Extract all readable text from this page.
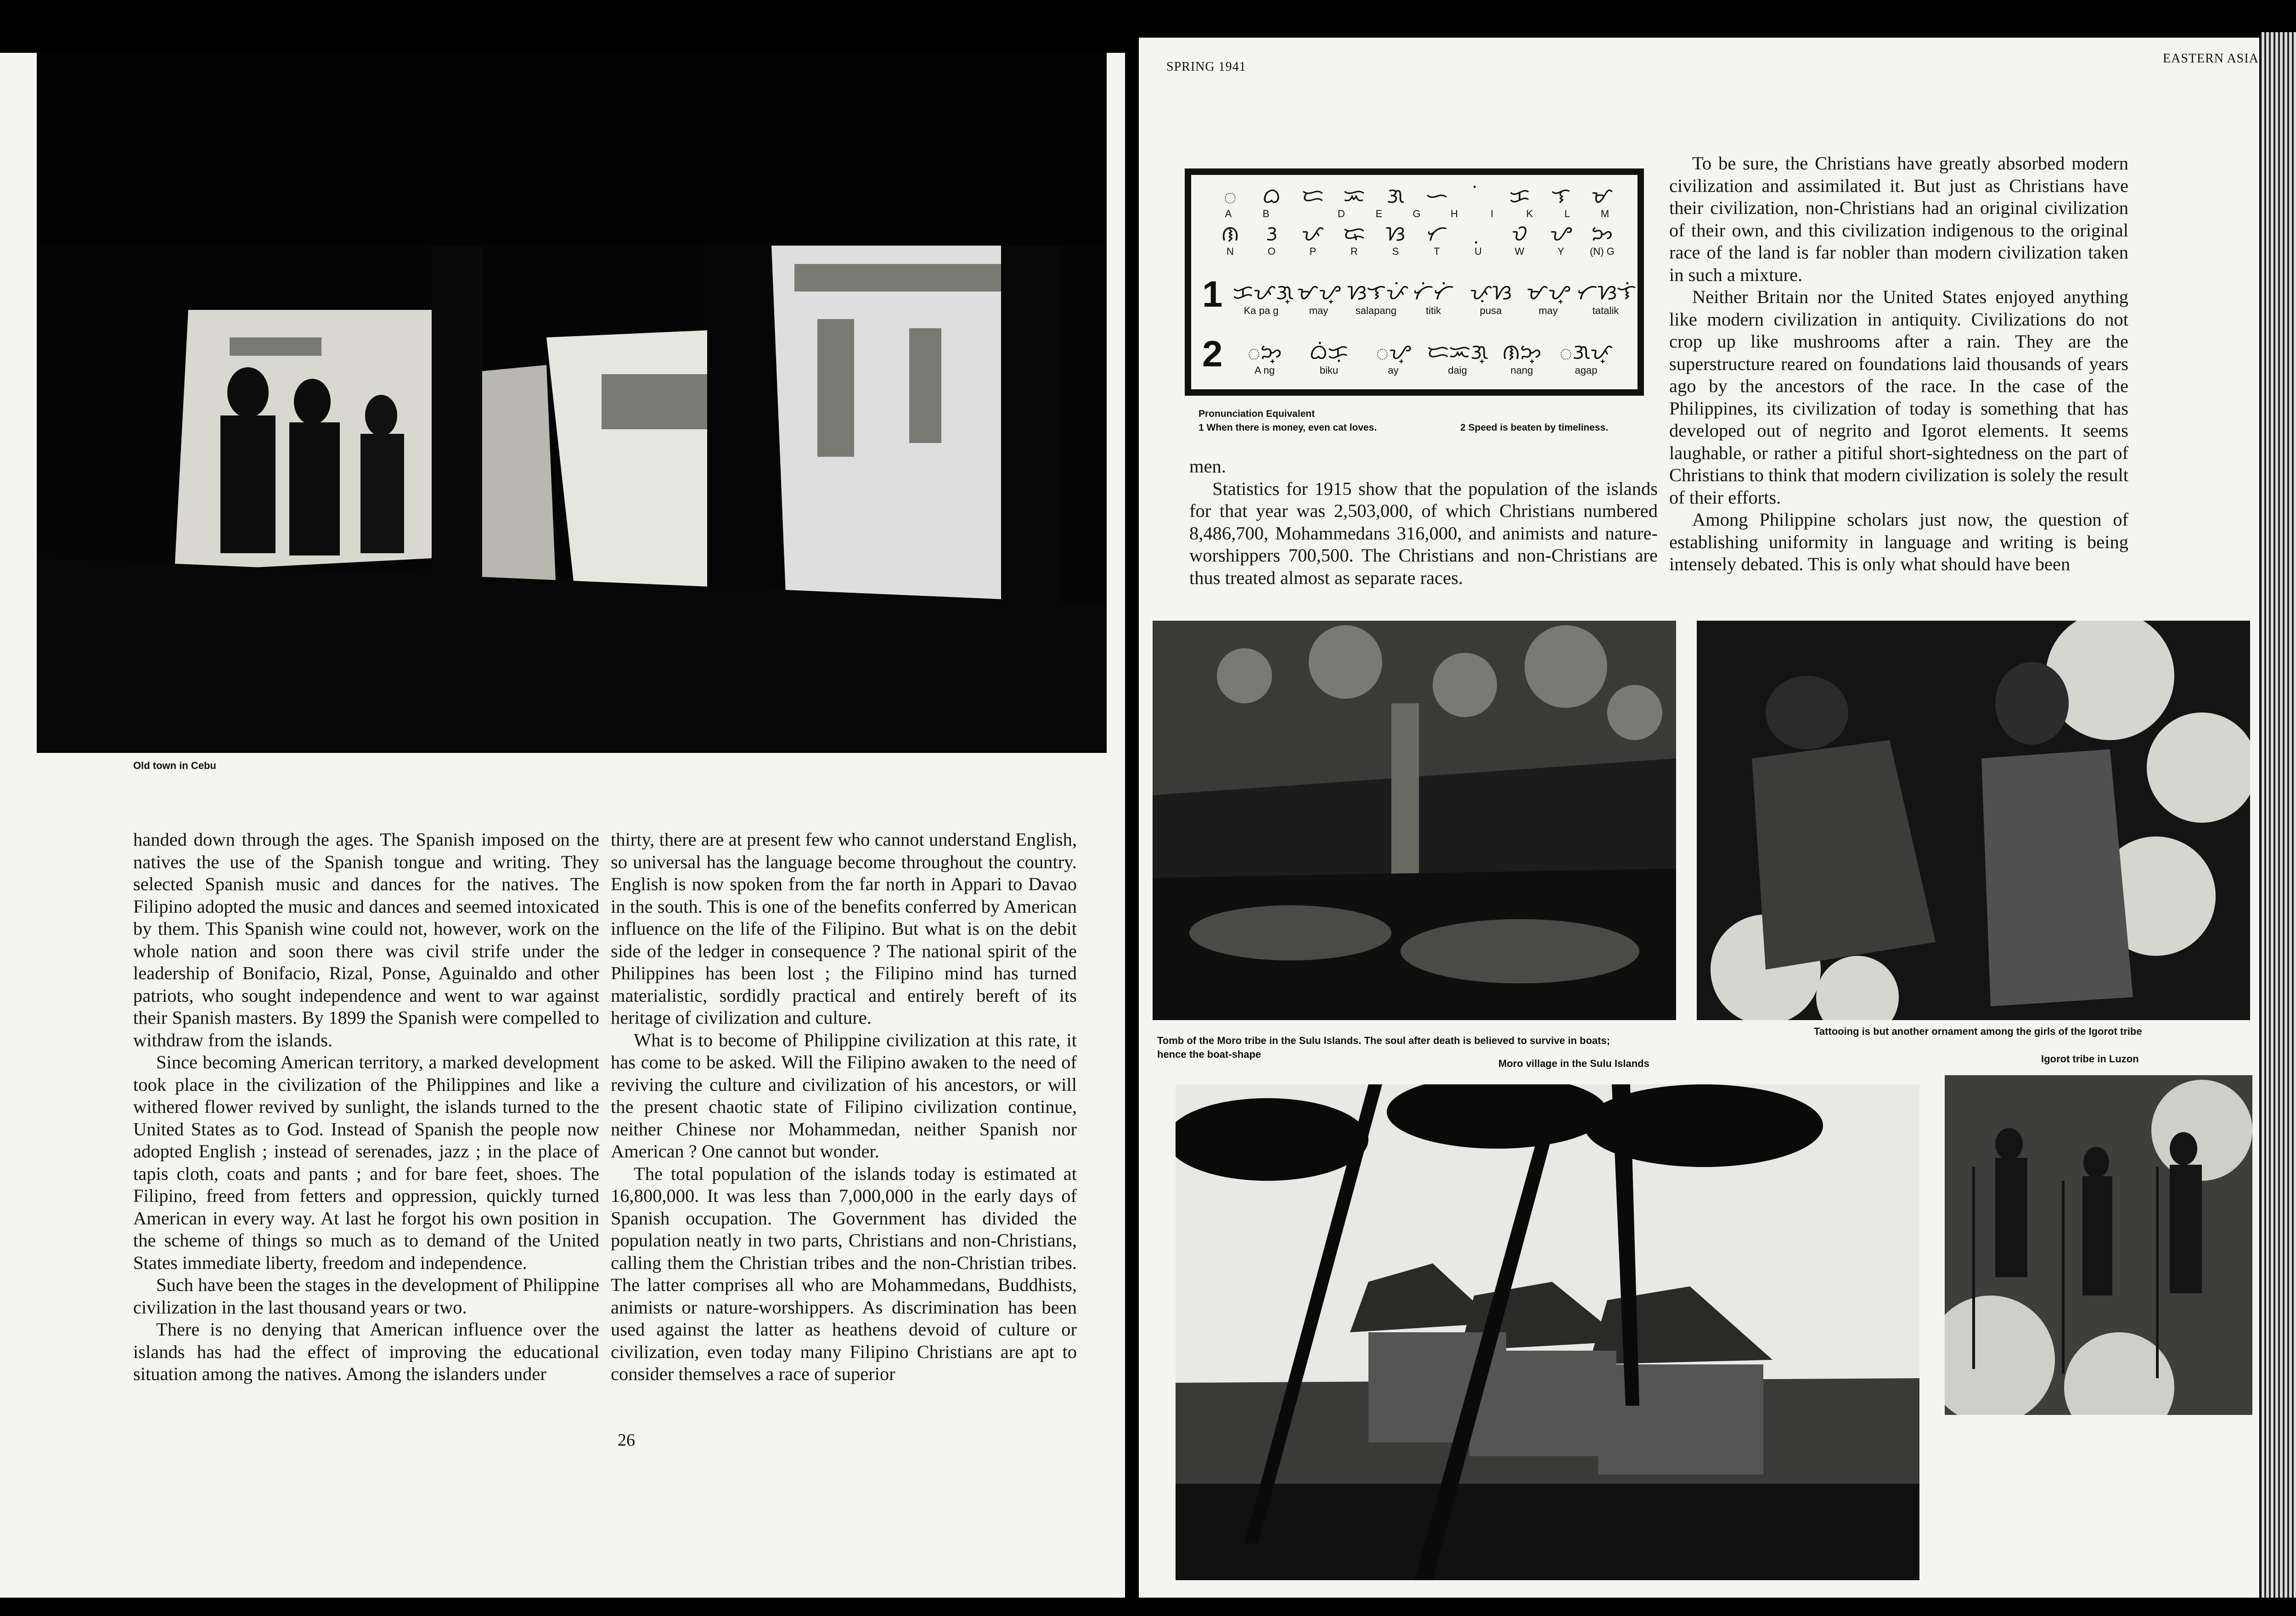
Old town in Cebu

handed down through the ages. The Spanish imposed on the natives the use of the Spanish tongue and writing. They selected Spanish music and dances for the natives. The Filipino adopted the music and dances and seemed intoxicated by them. This Spanish wine could not, however, work on the whole nation and soon there was civil strife under the leadership of Bonifacio, Rizal, Ponse, Aguinaldo and other patriots, who sought independence and went to war against their Spanish masters. By 1899 the Spanish were compelled to withdraw from the islands.

Since becoming American territory, a marked development took place in the civilization of the Philippines and like a withered flower revived by sunlight, the islands turned to the United States as to God. Instead of Spanish the people now adopted English ; instead of serenades, jazz ; in the place of tapis cloth, coats and pants ; and for bare feet, shoes. The Filipino, freed from fetters and oppression, quickly turned American in every way. At last he forgot his own position in the scheme of things so much as to demand of the United States immediate liberty, freedom and independence.

Such have been the stages in the development of Philippine civilization in the last thousand years or two.

There is no denying that American influence over the islands has had the effect of improving the educational situation among the natives. Among the islanders under

thirty, there are at present few who cannot understand English, so universal has the language become throughout the country. English is now spoken from the far north in Appari to Davao in the south. This is one of the benefits conferred by American influence on the life of the Filipino. But what is on the debit side of the ledger in consequence ? The national spirit of the Philippines has been lost ; the Filipino mind has turned materialistic, sordidly practical and entirely bereft of its heritage of civilization and culture.

What is to become of Philippine civilization at this rate, it has come to be asked. Will the Filipino awaken to the need of reviving the culture and civilization of his ancestors, or will the present chaotic state of Filipino civilization continue, neither Chinese nor Mohammedan, neither Spanish nor American ? One cannot but wonder.

The total population of the islands today is estimated at 16,800,000. It was less than 7,000,000 in the early days of Spanish occupation. The Government has divided the population neatly in two parts, Christians and non-Christians, calling them the Christian tribes and the non-Christian tribes. The latter comprises all who are Mohammedans, Buddhists, animists or nature-worshippers. As discrimination has been used against the latter as heathens devoid of culture or civilization, even today many Filipino Christians are apt to consider themselves a race of superior

26
SPRING 1941
EASTERN ASIA
ᜀ	ᜊ	ᜇ ᜁ	ᜄ	ᜑ	ᜃ	ᜎ ᜋ
A	B	D	E	G	H	I	K	L	M
ᜈ	ᜂ	ᜉ ᜍ ᜐ	ᜆ	ᜏ	ᜌ ᜅ
N	O	P	R	S	T	U	W	Y	(N) G
1 ᜃᜉᜄ᜔ ᜋᜌ᜔ ᜐᜎᜉᜒ ᜆᜒᜆᜒ ᜉᜓᜐ ᜋᜌ᜔ ᜆᜐᜎᜒ
Ka pa g	may	salapang	titik	pusa	may	tatalik
2	ᜀᜅ᜔	ᜊᜒᜃᜓ	ᜀᜌ᜔ ᜇᜁᜄ᜔ ᜈᜅ᜔ ᜀᜄᜉ᜔
A ng	biku	ay	daig	nang	agap
Pronunciation Equivalent
1 When there is money, even cat loves.	2 Speed is beaten by timeliness.

men.

Statistics for 1915 show that the population of the islands for that year was 2,503,000, of which Christians numbered 8,486,700, Mohammedans 316,000, and animists and nature-worshippers 700,500. The Christians and non-Christians are thus treated almost as separate races.

To be sure, the Christians have greatly absorbed modern civilization and assimilated it. But just as Christians have their civilization, non-Christians had an original civilization of their own, and this civilization indigenous to the original race of the land is far nobler than modern civilization taken in such a mixture.

Neither Britain nor the United States enjoyed anything like modern civilization in antiquity. Civilizations do not crop up like mushrooms after a rain. They are the superstructure reared on foundations laid thousands of years ago by the ancestors of the race. In the case of the Philippines, its civilization of today is something that has developed out of negrito and Igorot elements. It seems laughable, or rather a pitiful short-sightedness on the part of Christians to think that modern civilization is solely the result of their efforts.

Among Philippine scholars just now, the question of establishing uniformity in language and writing is being intensely debated. This is only what should have been

Tomb of the Moro tribe in the Sulu Islands. The soul after death is believed to survive in boats;
hence the boat-shape
Moro village in the Sulu Islands
Tattooing is but another ornament among the girls of the Igorot tribe
Igorot tribe in Luzon
